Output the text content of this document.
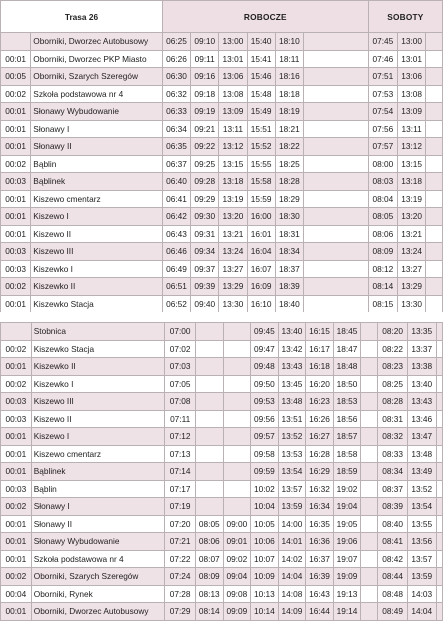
Trasa 26		ROBOCZE						SOBOTY		
	Oborniki, Dworzec Autobusowy	06:25	09:10	13:00	15:40	18:10		07:45	13:00	
00:01	Oborniki, Dworzec PKP Miasto	06:26	09:11	13:01	15:41	18:11		07:46	13:01	
00:05	Oborniki, Szarych Szeregów	06:30	09:16	13:06	15:46	18:16		07:51	13:06	
00:02	Szkoła podstawowa nr 4	06:32	09:18	13:08	15:48	18:18		07:53	13:08	
00:01	Słonawy Wybudowanie	06:33	09:19	13:09	15:49	18:19		07:54	13:09	
00:01	Słonawy I	06:34	09:21	13:11	15:51	18:21		07:56	13:11	
00:01	Słonawy II	06:35	09:22	13:12	15:52	18:22		07:57	13:12	
00:02	Bąblin	06:37	09:25	13:15	15:55	18:25		08:00	13:15	
00:03	Bąblinek	06:40	09:28	13:18	15:58	18:28		08:03	13:18	
00:01	Kiszewo cmentarz	06:41	09:29	13:19	15:59	18:29		08:04	13:19	
00:01	Kiszewo I	06:42	09:30	13:20	16:00	18:30		08:05	13:20	
00:01	Kiszewo II	06:43	09:31	13:21	16:01	18:31		08:06	13:21	
00:03	Kiszewo III	06:46	09:34	13:24	16:04	18:34		08:09	13:24	
00:03	Kiszewko I	06:49	09:37	13:27	16:07	18:37		08:12	13:27	
00:02	Kiszewko II	06:51	09:39	13:29	16:09	18:39		08:14	13:29	
00:01	Kiszewko Stacja	06:52	09:40	13:30	16:10	18:40		08:15	13:30	

	Stobnica	07:00			09:45	13:40	16:15	18:45		08:20	13:35	
00:02	Kiszewko Stacja	07:02			09:47	13:42	16:17	18:47		08:22	13:37	
00:01	Kiszewko II	07:03			09:48	13:43	16:18	18:48		08:23	13:38	
00:02	Kiszewko I	07:05			09:50	13:45	16:20	18:50		08:25	13:40	
00:03	Kiszewo III	07:08			09:53	13:48	16:23	18:53		08:28	13:43	
00:03	Kiszewo II	07:11			09:56	13:51	16:26	18:56		08:31	13:46	
00:01	Kiszewo I	07:12			09:57	13:52	16:27	18:57		08:32	13:47	
00:01	Kiszewo cmentarz	07:13			09:58	13:53	16:28	18:58		08:33	13:48	
00:01	Bąblinek	07:14			09:59	13:54	16:29	18:59		08:34	13:49	
00:03	Bąblin	07:17			10:02	13:57	16:32	19:02		08:37	13:52	
00:02	Słonawy I	07:19			10:04	13:59	16:34	19:04		08:39	13:54	
00:01	Słonawy II	07:20	08:05	09:00	10:05	14:00	16:35	19:05		08:40	13:55	
00:01	Słonawy Wybudowanie	07:21	08:06	09:01	10:06	14:01	16:36	19:06		08:41	13:56	
00:01	Szkoła podstawowa nr 4	07:22	08:07	09:02	10:07	14:02	16:37	19:07		08:42	13:57	
00:02	Oborniki, Szarych Szeregów	07:24	08:09	09:04	10:09	14:04	16:39	19:09		08:44	13:59	
00:04	Oborniki, Rynek	07:28	08:13	09:08	10:13	14:08	16:43	19:13		08:48	14:03	
00:01	Oborniki, Dworzec Autobusowy	07:29	08:14	09:09	10:14	14:09	16:44	19:14		08:49	14:04	
